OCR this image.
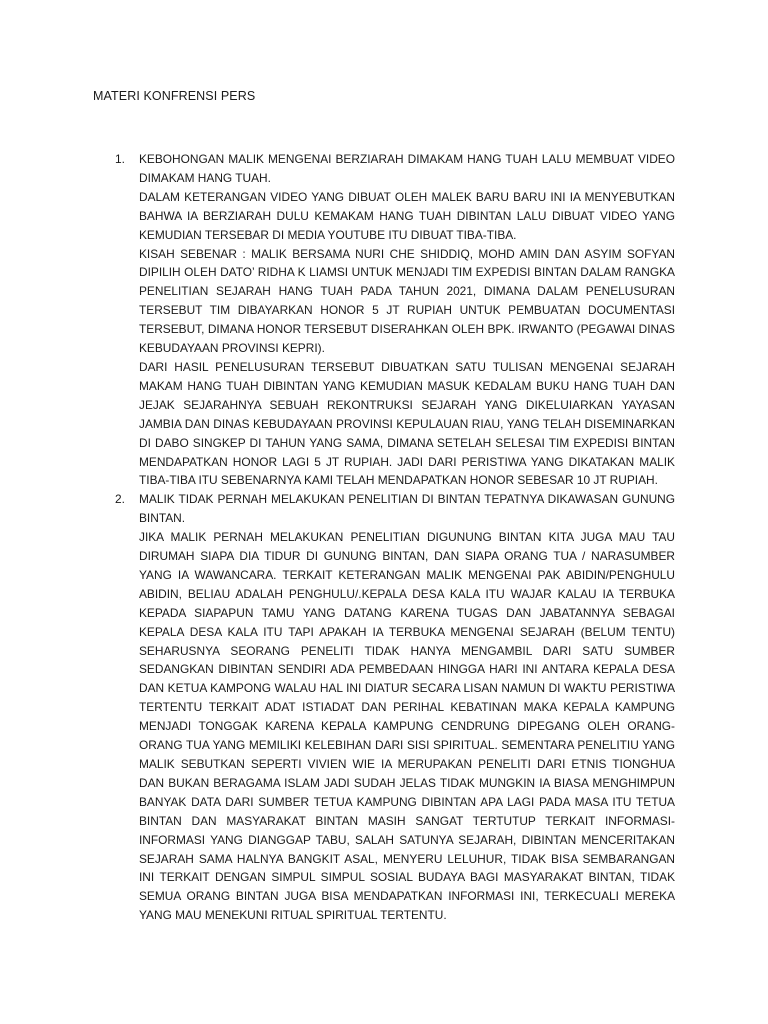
MATERI KONFRENSI PERS
1. KEBOHONGAN MALIK MENGENAI BERZIARAH DIMAKAM HANG TUAH LALU MEMBUAT VIDEO DIMAKAM HANG TUAH.

DALAM KETERANGAN VIDEO YANG DIBUAT OLEH MALEK BARU BARU INI IA MENYEBUTKAN BAHWA IA BERZIARAH DULU KEMAKAM HANG TUAH DIBINTAN LALU DIBUAT VIDEO YANG KEMUDIAN TERSEBAR DI MEDIA YOUTUBE ITU DIBUAT TIBA-TIBA.

KISAH SEBENAR : MALIK BERSAMA NURI CHE SHIDDIQ, MOHD AMIN DAN ASYIM SOFYAN DIPILIH OLEH DATO’ RIDHA K LIAMSI UNTUK MENJADI TIM EXPEDISI BINTAN DALAM RANGKA PENELITIAN SEJARAH HANG TUAH PADA TAHUN 2021, DIMANA DALAM PENELUSURAN TERSEBUT TIM DIBAYARKAN HONOR 5 JT RUPIAH UNTUK PEMBUATAN DOCUMENTASI TERSEBUT, DIMANA HONOR TERSEBUT DISERAHKAN OLEH BPK. IRWANTO (PEGAWAI DINAS KEBUDAYAAN PROVINSI KEPRI).

DARI HASIL PENELUSURAN TERSEBUT DIBUATKAN SATU TULISAN MENGENAI SEJARAH MAKAM HANG TUAH DIBINTAN YANG KEMUDIAN MASUK KEDALAM BUKU HANG TUAH DAN JEJAK SEJARAHNYA SEBUAH REKONTRUKSI SEJARAH YANG DIKELUIARKAN YAYASAN JAMBIA DAN DINAS KEBUDAYAAN PROVINSI KEPULAUAN RIAU, YANG TELAH DISEMINARKAN DI DABO SINGKEP DI TAHUN YANG SAMA, DIMANA SETELAH SELESAI TIM EXPEDISI BINTAN MENDAPATKAN HONOR LAGI 5 JT RUPIAH. JADI DARI PERISTIWA YANG DIKATAKAN MALIK TIBA-TIBA ITU SEBENARNYA KAMI TELAH MENDAPATKAN HONOR SEBESAR 10 JT RUPIAH.

2. MALIK TIDAK PERNAH MELAKUKAN PENELITIAN DI BINTAN TEPATNYA DIKAWASAN GUNUNG BINTAN.

JIKA MALIK PERNAH MELAKUKAN PENELITIAN DIGUNUNG BINTAN KITA JUGA MAU TAU DIRUMAH SIAPA DIA TIDUR DI GUNUNG BINTAN, DAN SIAPA ORANG TUA / NARASUMBER YANG IA WAWANCARA. TERKAIT KETERANGAN MALIK MENGENAI PAK ABIDIN/PENGHULU ABIDIN, BELIAU ADALAH PENGHULU/.KEPALA DESA KALA ITU WAJAR KALAU IA TERBUKA KEPADA SIAPAPUN TAMU YANG DATANG KARENA TUGAS DAN JABATANNYA SEBAGAI KEPALA DESA KALA ITU TAPI APAKAH IA TERBUKA MENGENAI SEJARAH (BELUM TENTU) SEHARUSNYA SEORANG PENELITI TIDAK HANYA MENGAMBIL DARI SATU SUMBER SEDANGKAN DIBINTAN SENDIRI ADA PEMBEDAAN HINGGA HARI INI ANTARA KEPALA DESA DAN KETUA KAMPONG WALAU HAL INI DIATUR SECARA LISAN NAMUN DI WAKTU PERISTIWA TERTENTU TERKAIT ADAT ISTIADAT DAN PERIHAL KEBATINAN MAKA KEPALA KAMPUNG MENJADI TONGGAK KARENA KEPALA KAMPUNG CENDRUNG DIPEGANG OLEH ORANG-ORANG TUA YANG MEMILIKI KELEBIHAN DARI SISI SPIRITUAL. SEMENTARA PENELITIU YANG MALIK SEBUTKAN SEPERTI VIVIEN WIE IA MERUPAKAN PENELITI DARI ETNIS TIONGHUA DAN BUKAN BERAGAMA ISLAM JADI SUDAH JELAS TIDAK MUNGKIN IA BIASA MENGHIMPUN BANYAK DATA DARI SUMBER TETUA KAMPUNG DIBINTAN APA LAGI PADA MASA ITU TETUA BINTAN DAN MASYARAKAT BINTAN MASIH SANGAT TERTUTUP TERKAIT INFORMASI-INFORMASI YANG DIANGGAP TABU, SALAH SATUNYA SEJARAH, DIBINTAN MENCERITAKAN SEJARAH SAMA HALNYA BANGKIT ASAL, MENYERU LELUHUR, TIDAK BISA SEMBARANGAN INI TERKAIT DENGAN SIMPUL SIMPUL SOSIAL BUDAYA BAGI MASYARAKAT BINTAN, TIDAK SEMUA ORANG BINTAN JUGA BISA MENDAPATKAN INFORMASI INI, TERKECUALI MEREKA YANG MAU MENEKUNI RITUAL SPIRITUAL TERTENTU.
